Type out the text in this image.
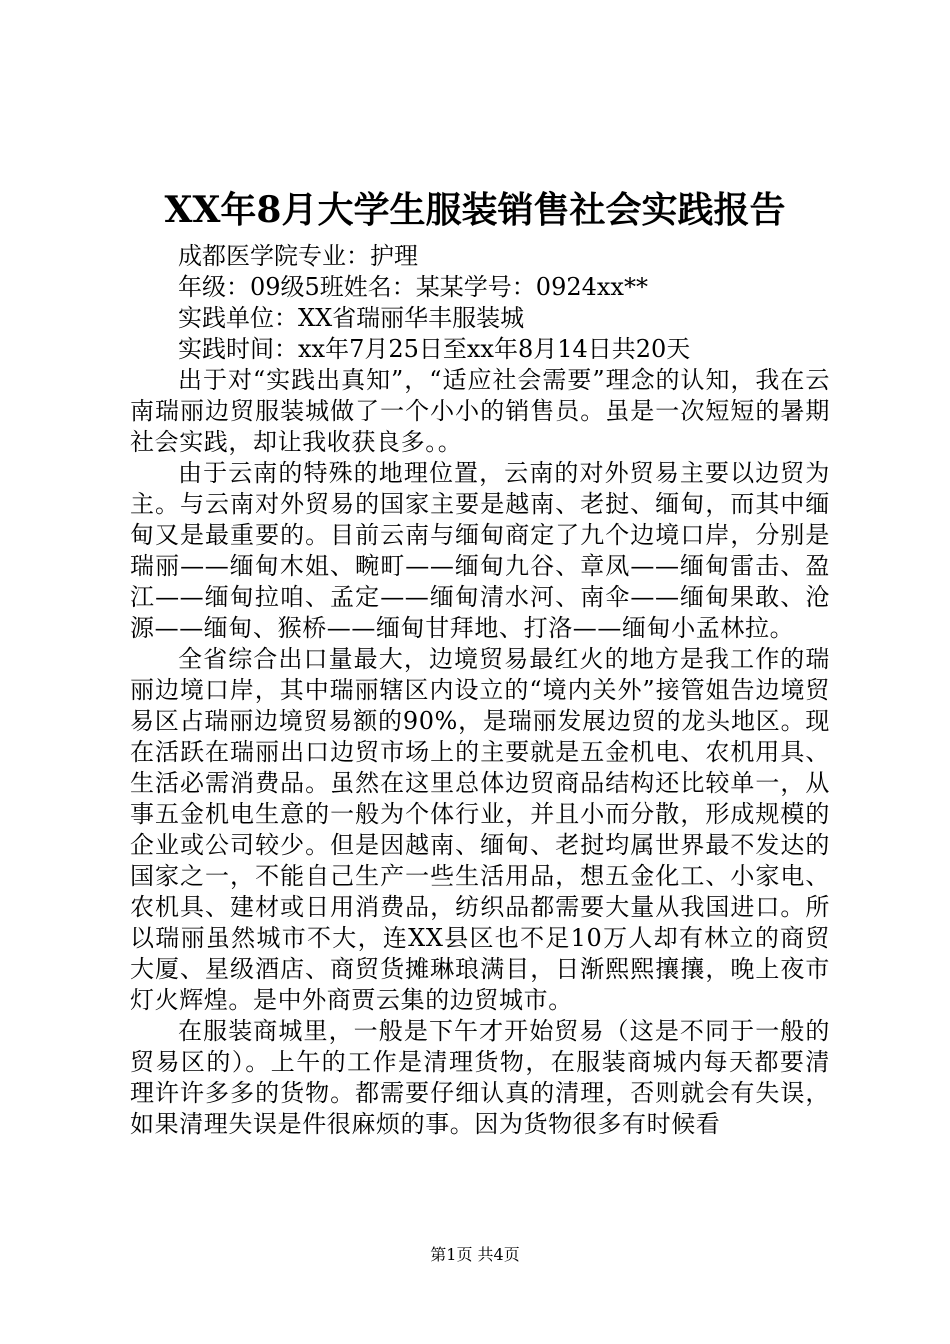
XX年8月大学生服装销售社会实践报告

成都医学院专业：护理

年级：09级5班姓名：某某学号：0924xx**

实践单位：XX省瑞丽华丰服装城

实践时间：xx年7月25日至xx年8月14日共20天

出于对“实践出真知”，“适应社会需要”理念的认知，我在云南瑞丽边贸服装城做了一个小小的销售员。虽是一次短短的暑期社会实践，却让我收获良多。。

由于云南的特殊的地理位置，云南的对外贸易主要以边贸为主。与云南对外贸易的国家主要是越南、老挝、缅甸，而其中缅甸又是最重要的。目前云南与缅甸商定了九个边境口岸，分别是瑞丽——缅甸木姐、畹町——缅甸九谷、章凤——缅甸雷击、盈江——缅甸拉咱、孟定——缅甸清水河、南伞——缅甸果敢、沧源——缅甸、猴桥——缅甸甘拜地、打洛——缅甸小孟林拉。

全省综合出口量最大，边境贸易最红火的地方是我工作的瑞丽边境口岸，其中瑞丽辖区内设立的“境内关外”接管姐告边境贸易区占瑞丽边境贸易额的90%，是瑞丽发展边贸的龙头地区。现在活跃在瑞丽出口边贸市场上的主要就是五金机电、农机用具、生活必需消费品。虽然在这里总体边贸商品结构还比较单一，从事五金机电生意的一般为个体行业，并且小而分散，形成规模的企业或公司较少。但是因越南、缅甸、老挝均属世界最不发达的国家之一，不能自己生产一些生活用品，想五金化工、小家电、农机具、建材或日用消费品，纺织品都需要大量从我国进口。所以瑞丽虽然城市不大，连XX县区也不足10万人却有林立的商贸大厦、星级酒店、商贸货摊琳琅满目，日渐熙熙攘攘，晚上夜市灯火辉煌。是中外商贾云集的边贸城市。

在服装商城里，一般是下午才开始贸易（这是不同于一般的贸易区的）。上午的工作是清理货物，在服装商城内每天都要清理许许多多的货物。都需要仔细认真的清理，否则就会有失误，如果清理失误是件很麻烦的事。因为货物很多有时候看

第1页 共4页
